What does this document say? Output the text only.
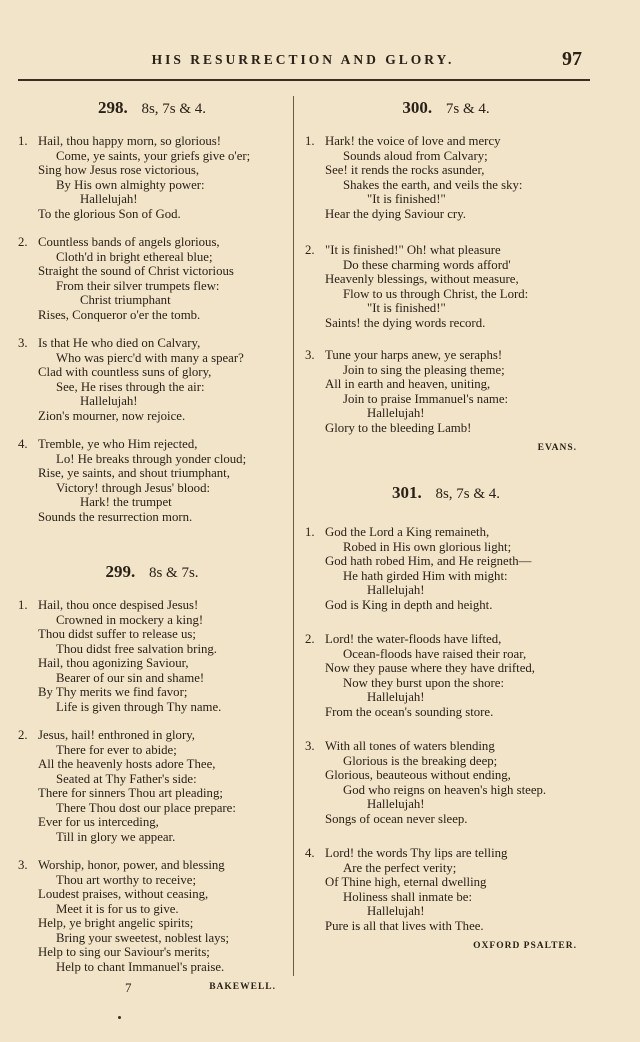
HIS RESURRECTION AND GLORY.	97
298. 8s, 7s & 4.
1. Hail, thou happy morn, so glorious!
Come, ye saints, your griefs give o'er;
Sing how Jesus rose victorious,
By His own almighty power:
Hallelujah!
To the glorious Son of God.
2. Countless bands of angels glorious,
Cloth'd in bright ethereal blue;
Straight the sound of Christ victorious
From their silver trumpets flew:
Christ triumphant
Rises, Conqueror o'er the tomb.
3. Is that He who died on Calvary,
Who was pierc'd with many a spear?
Clad with countless suns of glory,
See, He rises through the air:
Hallelujah!
Zion's mourner, now rejoice.
4. Tremble, ye who Him rejected,
Lo! He breaks through yonder cloud;
Rise, ye saints, and shout triumphant,
Victory! through Jesus' blood:
Hark! the trumpet
Sounds the resurrection morn.
299. 8s & 7s.
1. Hail, thou once despised Jesus!
Crowned in mockery a king!
Thou didst suffer to release us;
Thou didst free salvation bring.
Hail, thou agonizing Saviour,
Bearer of our sin and shame!
By Thy merits we find favor;
Life is given through Thy name.
2. Jesus, hail! enthroned in glory,
There for ever to abide;
All the heavenly hosts adore Thee,
Seated at Thy Father's side:
There for sinners Thou art pleading;
There Thou dost our place prepare:
Ever for us interceding,
Till in glory we appear.
3. Worship, honor, power, and blessing
Thou art worthy to receive;
Loudest praises, without ceasing,
Meet it is for us to give.
Help, ye bright angelic spirits;
Bring your sweetest, noblest lays;
Help to sing our Saviour's merits;
Help to chant Immanuel's praise.
BAKEWELL.
300. 7s & 4.
1. Hark! the voice of love and mercy
Sounds aloud from Calvary;
See! it rends the rocks asunder,
Shakes the earth, and veils the sky:
"It is finished!"
Hear the dying Saviour cry.
2. "It is finished!" Oh! what pleasure
Do these charming words afford'
Heavenly blessings, without measure,
Flow to us through Christ, the Lord:
"It is finished!"
Saints! the dying words record.
3. Tune your harps anew, ye seraphs!
Join to sing the pleasing theme;
All in earth and heaven, uniting,
Join to praise Immanuel's name:
Hallelujah!
Glory to the bleeding Lamb!
EVANS.
301. 8s, 7s & 4.
1. God the Lord a King remaineth,
Robed in His own glorious light;
God hath robed Him, and He reigneth—
He hath girded Him with might:
Hallelujah!
God is King in depth and height.
2. Lord! the water-floods have lifted,
Ocean-floods have raised their roar,
Now they pause where they have drifted,
Now they burst upon the shore:
Hallelujah!
From the ocean's sounding store.
3. With all tones of waters blending
Glorious is the breaking deep;
Glorious, beauteous without ending,
God who reigns on heaven's high steep.
Hallelujah!
Songs of ocean never sleep.
4. Lord! the words Thy lips are telling
Are the perfect verity;
Of Thine high, eternal dwelling
Holiness shall inmate be:
Hallelujah!
Pure is all that lives with Thee.
OXFORD PSALTER.
7
